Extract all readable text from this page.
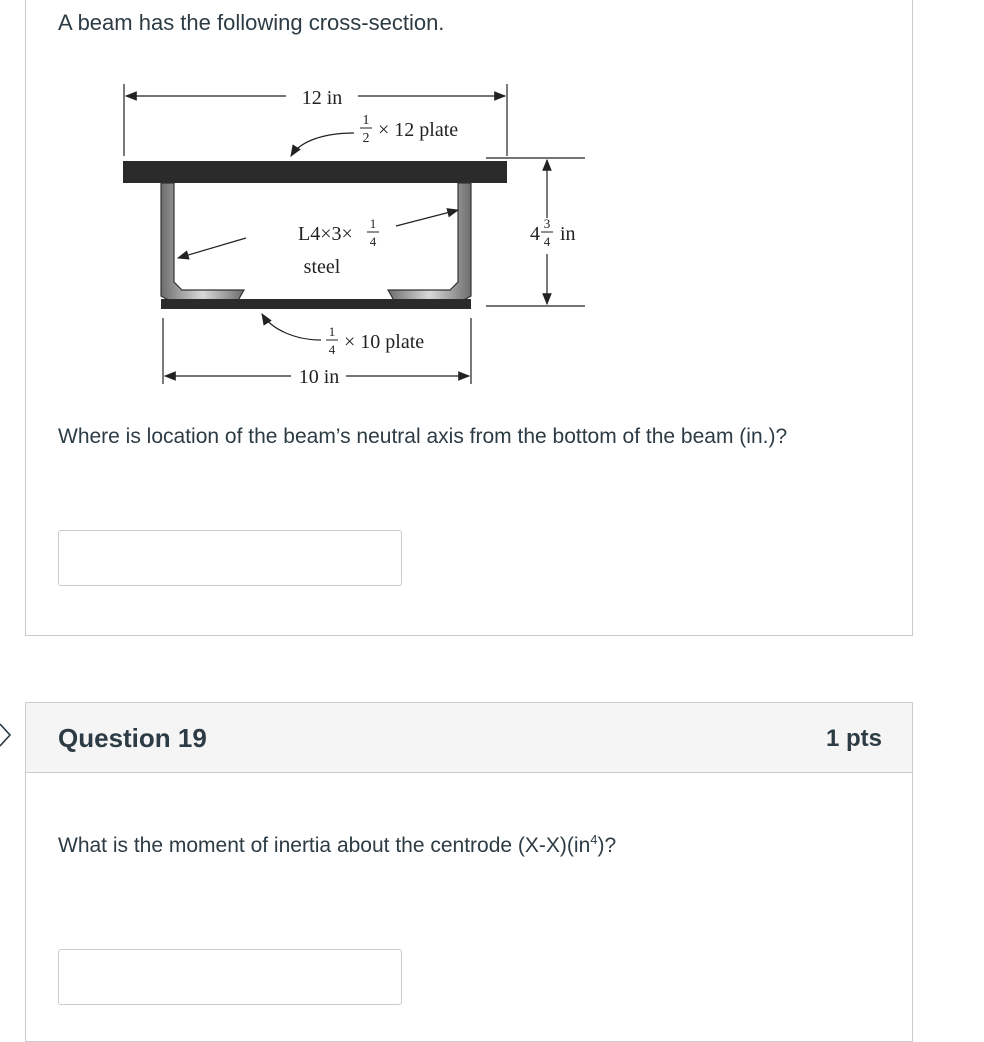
A beam has the following cross-section.

12 in
1
2 × 12 plate
L4×3× 1
4
steel
4 3
4 in
1
4 × 10 plate
10 in

Where is location of the beam’s neutral axis from the bottom of the beam (in.)?

Question 19	1 pts

What is the moment of inertia about the centrode $(X-X)(in^4)$?
